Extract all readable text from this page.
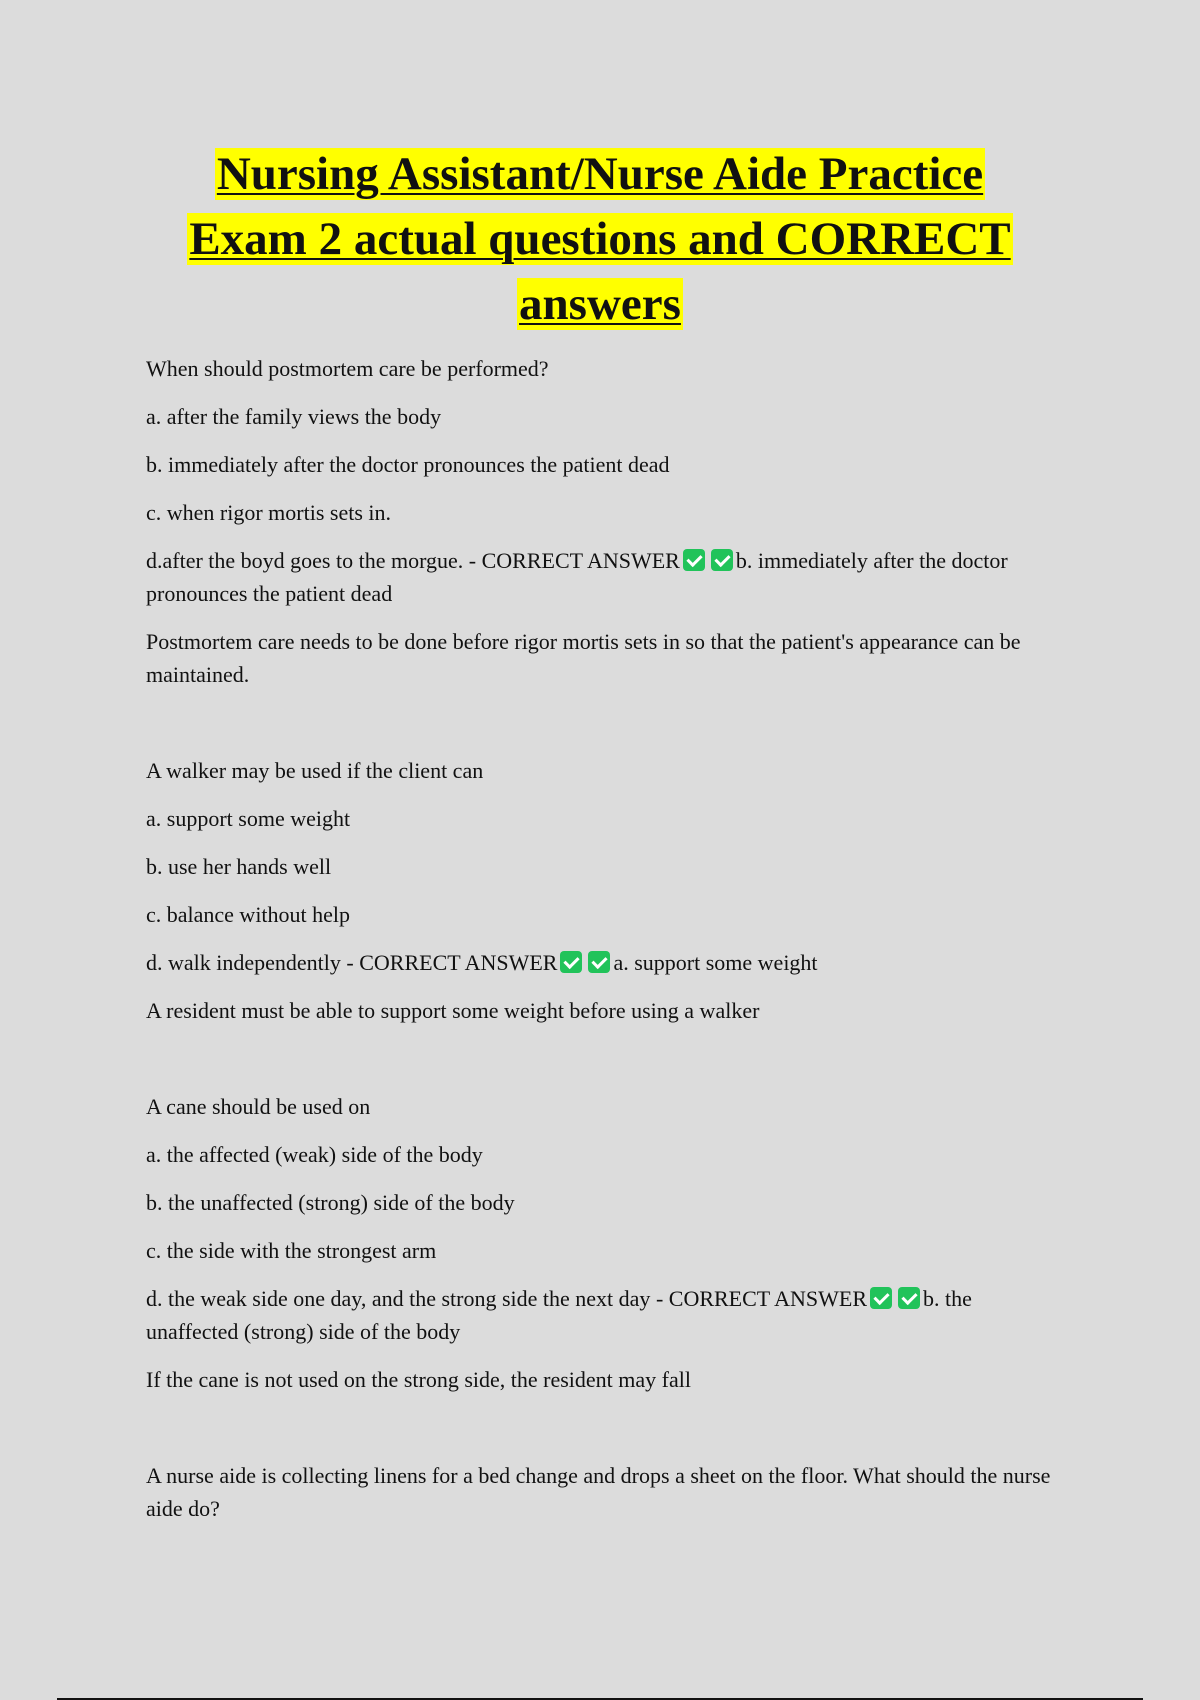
Nursing Assistant/Nurse Aide Practice
Exam 2 actual questions and CORRECT
answers

When should postmortem care be performed?

a. after the family views the body

b. immediately after the doctor pronounces the patient dead

c. when rigor mortis sets in.

d.after the boyd goes to the morgue. - CORRECT ANSWER	b. immediately after the doctor pronounces the patient dead

Postmortem care needs to be done before rigor mortis sets in so that the patient's appearance can be maintained.

A walker may be used if the client can

a. support some weight

b. use her hands well

c. balance without help

d. walk independently - CORRECT ANSWER	a. support some weight

A resident must be able to support some weight before using a walker

A cane should be used on

a. the affected (weak) side of the body

b. the unaffected (strong) side of the body

c. the side with the strongest arm

d. the weak side one day, and the strong side the next day - CORRECT ANSWER	b. the unaffected (strong) side of the body

If the cane is not used on the strong side, the resident may fall

A nurse aide is collecting linens for a bed change and drops a sheet on the floor. What should the nurse aide do?
